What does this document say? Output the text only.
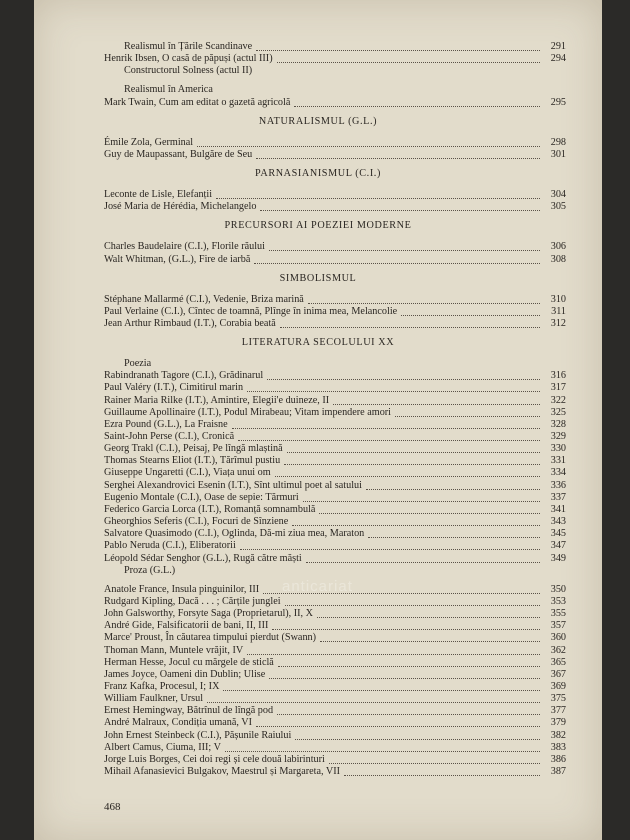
Realismul în Țările Scandinave	291
Henrik Ibsen, O casă de păpuși (actul III)	294
Constructorul Solness (actul II)
Realismul în America
Mark Twain, Cum am editat o gazetă agricolă	295
NATURALISMUL (G.L.)
Émile Zola, Germinal	298
Guy de Maupassant, Bulgăre de Seu	301
PARNASIANISMUL (C.I.)
Leconte de Lisle, Elefanții	304
José Maria de Hérédia, Michelangelo	305
PRECURSORI AI POEZIEI MODERNE
Charles Baudelaire (C.I.), Florile răului	306
Walt Whitman, (G.L.), Fire de iarbă	308
SIMBOLISMUL
Stéphane Mallarmé (C.I.), Vedenie, Briza marină	310
Paul Verlaine (C.I.), Cîntec de toamnă, Plînge în inima mea, Melancolie	311
Jean Arthur Rimbaud (I.T.), Corabia beată	312
LITERATURA SECOLULUI XX
Poezia
Rabindranath Tagore (C.I.), Grădinarul	316
Paul Valéry (I.T.), Cimitirul marin	317
Rainer Maria Rilke (I.T.), Amintire, Elegii'e duineze, II	322
Guillaume Apollinaire (I.T.), Podul Mirabeau; Vitam impendere amori	325
Ezra Pound (G.L.), La Fraisne	328
Saint-John Perse (C.I.), Cronică	329
Georg Trakl (C.I.), Peisaj, Pe lîngă mlaștină	330
Thomas Stearns Eliot (I.T.), Tărîmul pustiu	331
Giuseppe Ungaretti (C.I.), Viața unui om	334
Serghei Alexandrovici Esenin (I.T.), Sînt ultimul poet al satului	336
Eugenio Montale (C.I.), Oase de sepie: Tărmuri	337
Federico Garcia Lorca (I.T.), Romanță somnambulă	341
Gheorghios Seferis (C.I.), Focuri de Sînziene	343
Salvatore Quasimodo (C.I.), Oglinda, Dă-mi ziua mea, Maraton	345
Pablo Neruda (C.I.), Eliberatorii	347
Léopold Sédar Senghor (G.L.), Rugă către măști	349
Proza (G.L.)
Anatole France, Insula pinguinilor, III	350
Rudgard Kipling, Dacă . . . ; Cărțile junglei	353
John Galsworthy, Forsyte Saga (Proprietarul), II, X	355
André Gide, Falsificatorii de bani, II, III	357
Marce' Proust, În căutarea timpului pierdut (Swann)	360
Thoman Mann, Muntele vrăjit, IV	362
Herman Hesse, Jocul cu mărgele de sticlă	365
James Joyce, Oameni din Dublin; Ulise	367
Franz Kafka, Procesul, I; IX	369
William Faulkner, Ursul	375
Ernest Hemingway, Bătrînul de lîngă pod	377
André Malraux, Condiția umană, VI	379
John Ernest Steinbeck (C.I.), Pășunile Raiului	382
Albert Camus, Ciuma, III; V	383
Jorge Luis Borges, Cei doi regi și cele două labirinturi	386
Mihail Afanasievici Bulgakov, Maestrul și Margareta, VII	387
468
anticariat
